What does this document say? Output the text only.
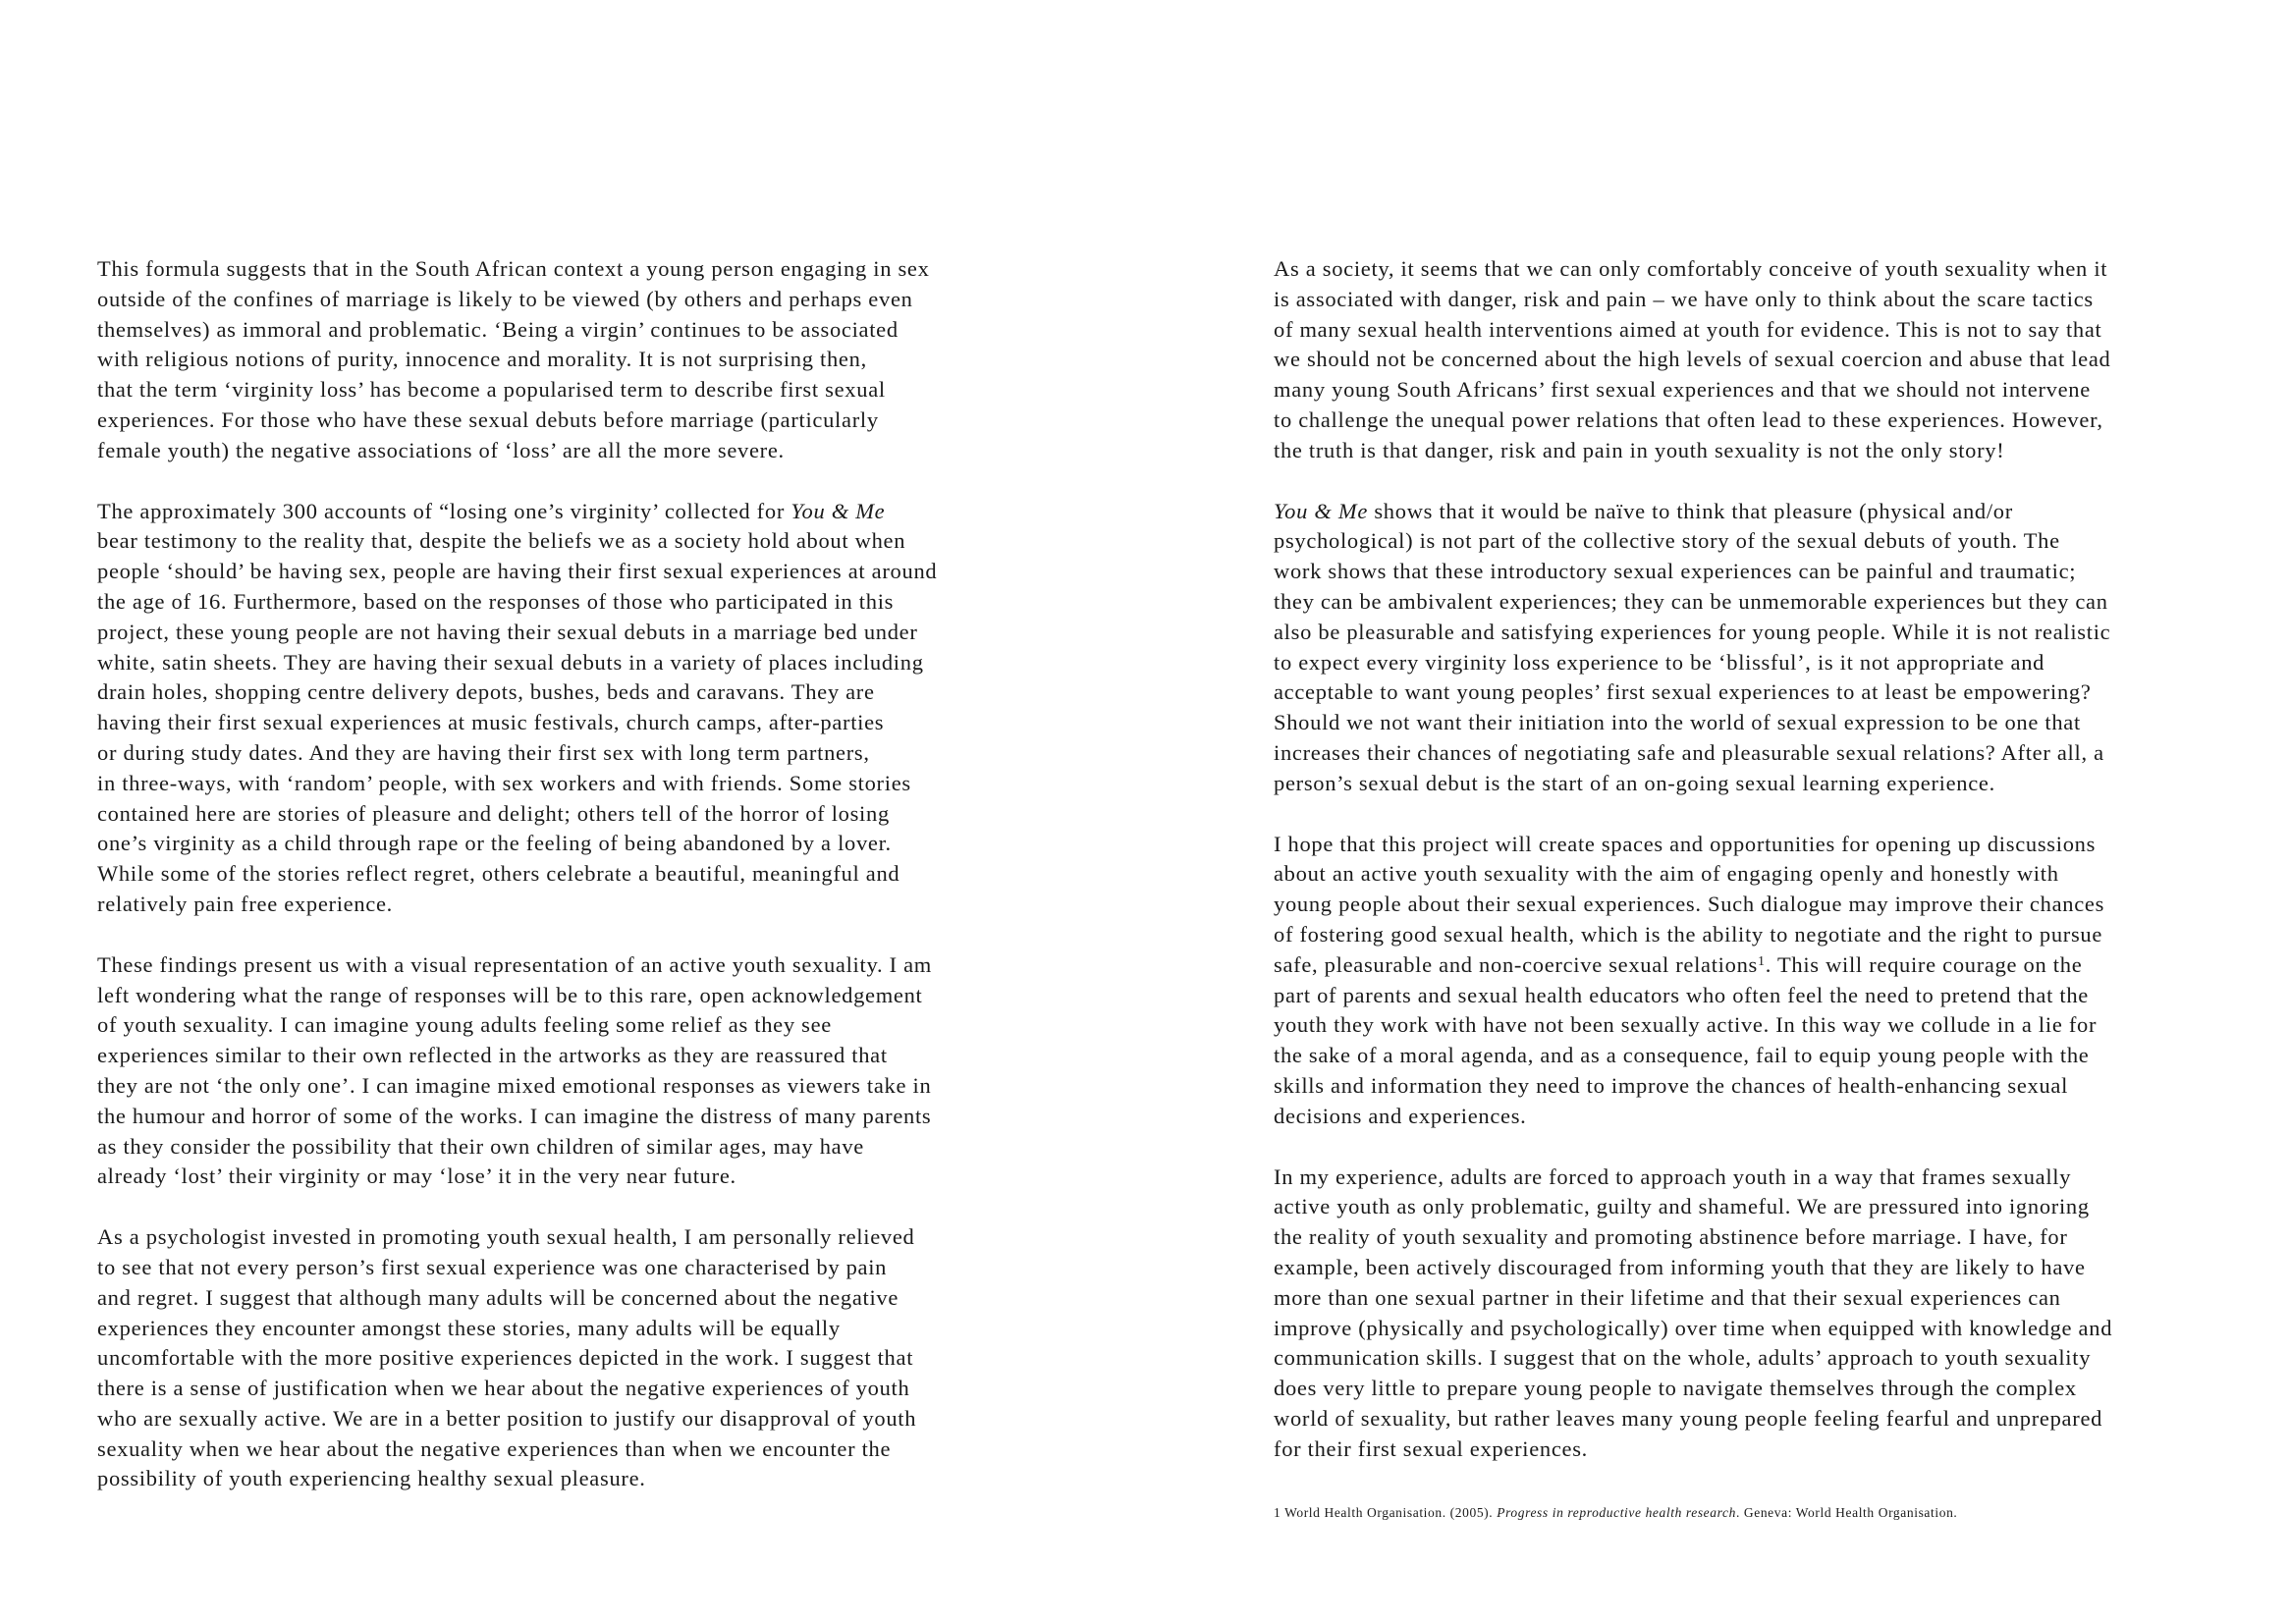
This formula suggests that in the South African context a young person engaging in sex
outside of the confines of marriage is likely to be viewed (by others and perhaps even
themselves) as immoral and problematic. ‘Being a virgin’ continues to be associated
with religious notions of purity, innocence and morality. It is not surprising then,
that the term ‘virginity loss’ has become a popularised term to describe first sexual
experiences. For those who have these sexual debuts before marriage (particularly
female youth) the negative associations of ‘loss’ are all the more severe.

The approximately 300 accounts of “losing one’s virginity’ collected for You & Me
bear testimony to the reality that, despite the beliefs we as a society hold about when
people ‘should’ be having sex, people are having their first sexual experiences at around
the age of 16. Furthermore, based on the responses of those who participated in this
project, these young people are not having their sexual debuts in a marriage bed under
white, satin sheets. They are having their sexual debuts in a variety of places including
drain holes, shopping centre delivery depots, bushes, beds and caravans. They are
having their first sexual experiences at music festivals, church camps, after-parties
or during study dates. And they are having their first sex with long term partners,
in three-ways, with ‘random’ people, with sex workers and with friends. Some stories
contained here are stories of pleasure and delight; others tell of the horror of losing
one’s virginity as a child through rape or the feeling of being abandoned by a lover.
While some of the stories reflect regret, others celebrate a beautiful, meaningful and
relatively pain free experience.

These findings present us with a visual representation of an active youth sexuality. I am
left wondering what the range of responses will be to this rare, open acknowledgement
of youth sexuality. I can imagine young adults feeling some relief as they see
experiences similar to their own reflected in the artworks as they are reassured that
they are not ‘the only one’. I can imagine mixed emotional responses as viewers take in
the humour and horror of some of the works. I can imagine the distress of many parents
as they consider the possibility that their own children of similar ages, may have
already ‘lost’ their virginity or may ‘lose’ it in the very near future.

As a psychologist invested in promoting youth sexual health, I am personally relieved
to see that not every person’s first sexual experience was one characterised by pain
and regret. I suggest that although many adults will be concerned about the negative
experiences they encounter amongst these stories, many adults will be equally
uncomfortable with the more positive experiences depicted in the work. I suggest that
there is a sense of justification when we hear about the negative experiences of youth
who are sexually active. We are in a better position to justify our disapproval of youth
sexuality when we hear about the negative experiences than when we encounter the
possibility of youth experiencing healthy sexual pleasure.

As a society, it seems that we can only comfortably conceive of youth sexuality when it
is associated with danger, risk and pain – we have only to think about the scare tactics
of many sexual health interventions aimed at youth for evidence. This is not to say that
we should not be concerned about the high levels of sexual coercion and abuse that lead
many young South Africans’ first sexual experiences and that we should not intervene
to challenge the unequal power relations that often lead to these experiences. However,
the truth is that danger, risk and pain in youth sexuality is not the only story!

You & Me shows that it would be naïve to think that pleasure (physical and/or
psychological) is not part of the collective story of the sexual debuts of youth. The
work shows that these introductory sexual experiences can be painful and traumatic;
they can be ambivalent experiences; they can be unmemorable experiences but they can
also be pleasurable and satisfying experiences for young people. While it is not realistic
to expect every virginity loss experience to be ‘blissful’, is it not appropriate and
acceptable to want young peoples’ first sexual experiences to at least be empowering?
Should we not want their initiation into the world of sexual expression to be one that
increases their chances of negotiating safe and pleasurable sexual relations? After all, a
person’s sexual debut is the start of an on-going sexual learning experience.

I hope that this project will create spaces and opportunities for opening up discussions
about an active youth sexuality with the aim of engaging openly and honestly with
young people about their sexual experiences. Such dialogue may improve their chances
of fostering good sexual health, which is the ability to negotiate and the right to pursue
safe, pleasurable and non-coercive sexual relations$^1$. This will require courage on the
part of parents and sexual health educators who often feel the need to pretend that the
youth they work with have not been sexually active. In this way we collude in a lie for
the sake of a moral agenda, and as a consequence, fail to equip young people with the
skills and information they need to improve the chances of health-enhancing sexual
decisions and experiences.

In my experience, adults are forced to approach youth in a way that frames sexually
active youth as only problematic, guilty and shameful. We are pressured into ignoring
the reality of youth sexuality and promoting abstinence before marriage. I have, for
example, been actively discouraged from informing youth that they are likely to have
more than one sexual partner in their lifetime and that their sexual experiences can
improve (physically and psychologically) over time when equipped with knowledge and
communication skills. I suggest that on the whole, adults’ approach to youth sexuality
does very little to prepare young people to navigate themselves through the complex
world of sexuality, but rather leaves many young people feeling fearful and unprepared
for their first sexual experiences.

1 World Health Organisation. (2005). Progress in reproductive health research. Geneva: World Health Organisation.
